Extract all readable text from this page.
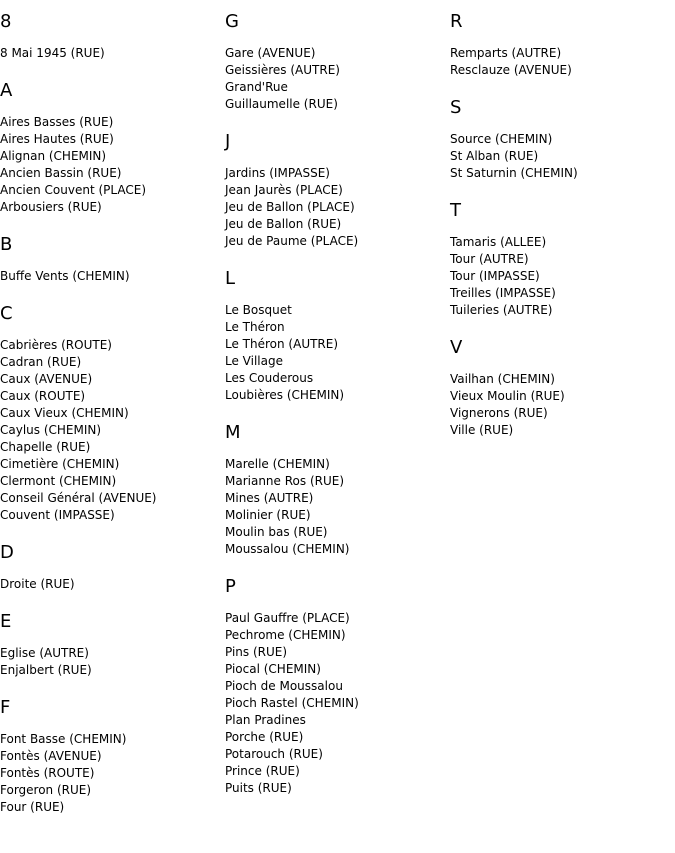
8
8 Mai 1945 (RUE)
A
Aires Basses (RUE)
Aires Hautes (RUE)
Alignan (CHEMIN)
Ancien Bassin (RUE)
Ancien Couvent (PLACE)
Arbousiers (RUE)
B
Buffe Vents (CHEMIN)
C
Cabrières (ROUTE)
Cadran (RUE)
Caux (AVENUE)
Caux (ROUTE)
Caux Vieux (CHEMIN)
Caylus (CHEMIN)
Chapelle (RUE)
Cimetière (CHEMIN)
Clermont (CHEMIN)
Conseil Général (AVENUE)
Couvent (IMPASSE)
D
Droite (RUE)
E
Eglise (AUTRE)
Enjalbert (RUE)
F
Font Basse (CHEMIN)
Fontès (AVENUE)
Fontès (ROUTE)
Forgeron (RUE)
Four (RUE)
G
Gare (AVENUE)
Geissières (AUTRE)
Grand'Rue
Guillaumelle (RUE)
J
Jardins (IMPASSE)
Jean Jaurès (PLACE)
Jeu de Ballon (PLACE)
Jeu de Ballon (RUE)
Jeu de Paume (PLACE)
L
Le Bosquet
Le Théron
Le Théron (AUTRE)
Le Village
Les Couderous
Loubières (CHEMIN)
M
Marelle (CHEMIN)
Marianne Ros (RUE)
Mines (AUTRE)
Molinier (RUE)
Moulin bas (RUE)
Moussalou (CHEMIN)
P
Paul Gauffre (PLACE)
Pechrome (CHEMIN)
Pins (RUE)
Piocal (CHEMIN)
Pioch de Moussalou
Pioch Rastel (CHEMIN)
Plan Pradines
Porche (RUE)
Potarouch (RUE)
Prince (RUE)
Puits (RUE)
R
Remparts (AUTRE)
Resclauze (AVENUE)
S
Source (CHEMIN)
St Alban (RUE)
St Saturnin (CHEMIN)
T
Tamaris (ALLEE)
Tour (AUTRE)
Tour (IMPASSE)
Treilles (IMPASSE)
Tuileries (AUTRE)
V
Vailhan (CHEMIN)
Vieux Moulin (RUE)
Vignerons (RUE)
Ville (RUE)
